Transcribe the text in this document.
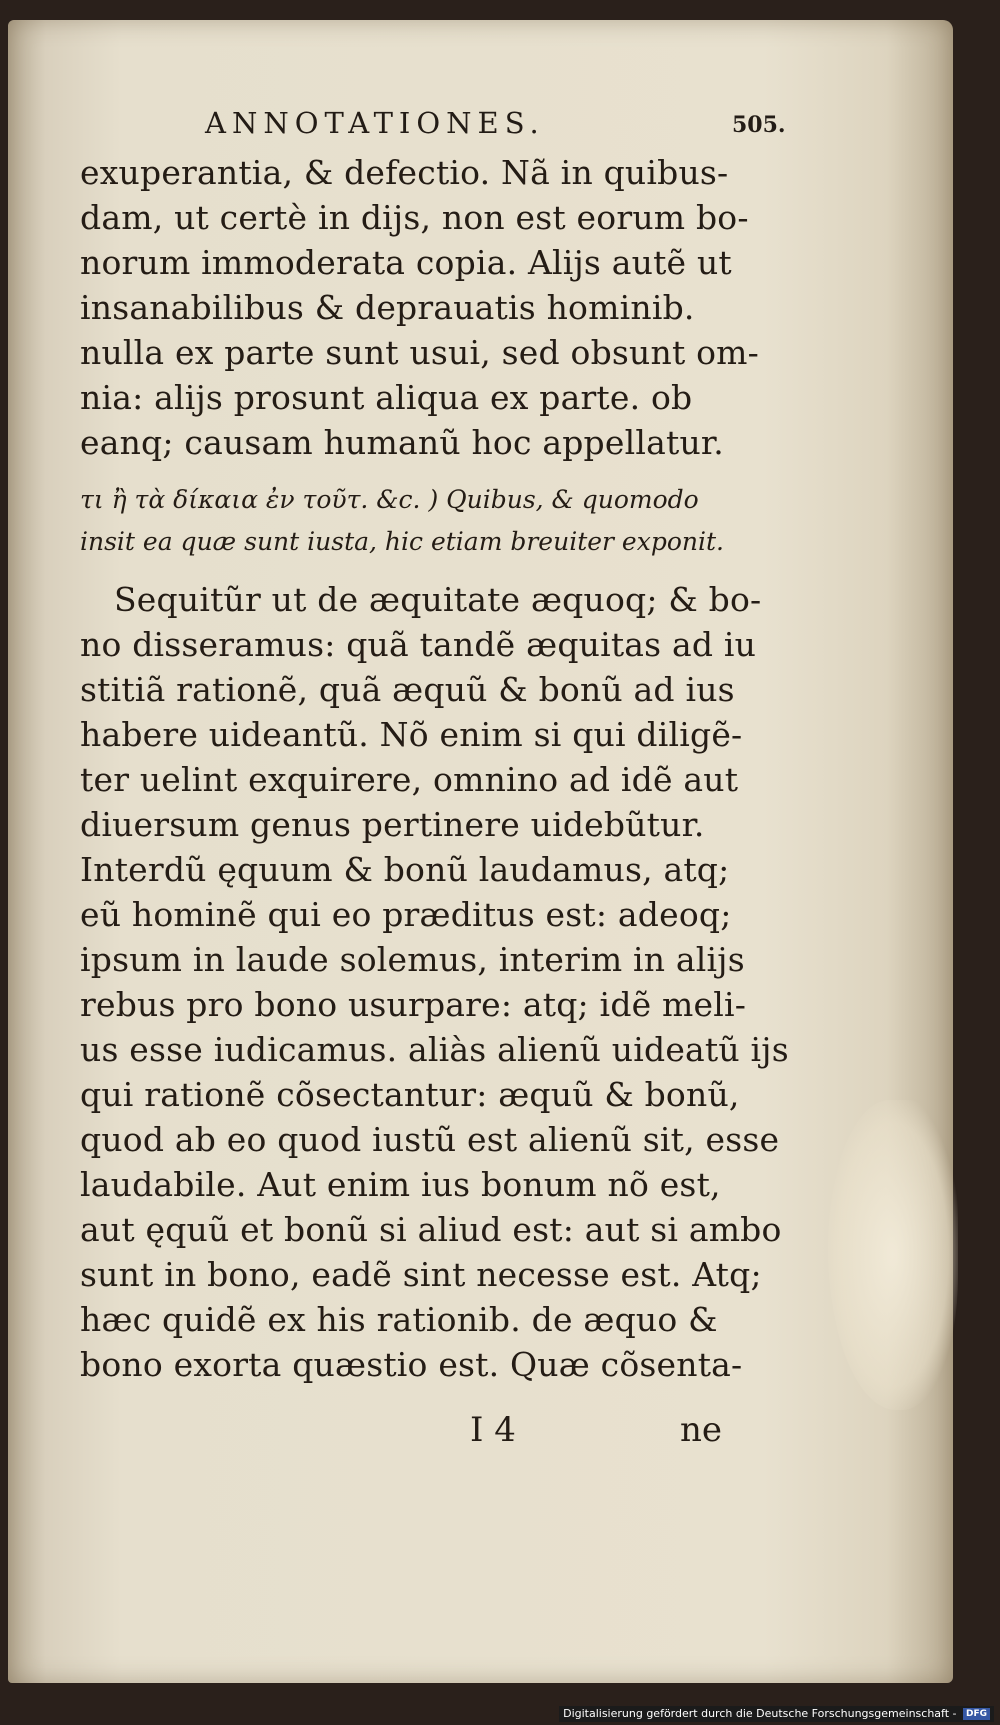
ANNOTATIONES.	505.
exuperantia, & defectio. Nã in quibus-
dam, ut certè in dijs, non est eorum bo-
norum immoderata copia. Alijs autẽ ut
insanabilibus & deprauatis hominib.
nulla ex parte sunt usui, sed obsunt om-
nia: alijs prosunt aliqua ex parte. ob
eanq; causam humanũ hoc appellatur.
τι ἢ τὰ δίκαια ἐν τοῦτ. &c. ) Quibus, & quomodo
insit ea quæ sunt iusta, hic etiam breuiter exponit.
Sequitũr ut de æquitate æquoq; & bo-
no disseramus: quã tandẽ æquitas ad iu
stitiã rationẽ, quã æquũ & bonũ ad ius
habere uideantũ. Nõ enim si qui diligẽ-
ter uelint exquirere, omnino ad idẽ aut
diuersum genus pertinere uidebũtur.
Interdũ ęquum & bonũ laudamus, atq;
eũ hominẽ qui eo præditus est: adeoq;
ipsum in laude solemus, interim in alijs
rebus pro bono usurpare: atq; idẽ meli-
us esse iudicamus. aliàs alienũ uideatũ ijs
qui rationẽ cõsectantur: æquũ & bonũ,
quod ab eo quod iustũ est alienũ sit, esse
laudabile. Aut enim ius bonum nõ est,
aut ęquũ et bonũ si aliud est: aut si ambo
sunt in bono, eadẽ sint necesse est. Atq;
hæc quidẽ ex his rationib. de æquo &
bono exorta quæstio est. Quæ cõsenta-
I 4	ne
Digitalisierung gefördert durch die Deutsche Forschungsgemeinschaft - DFG
